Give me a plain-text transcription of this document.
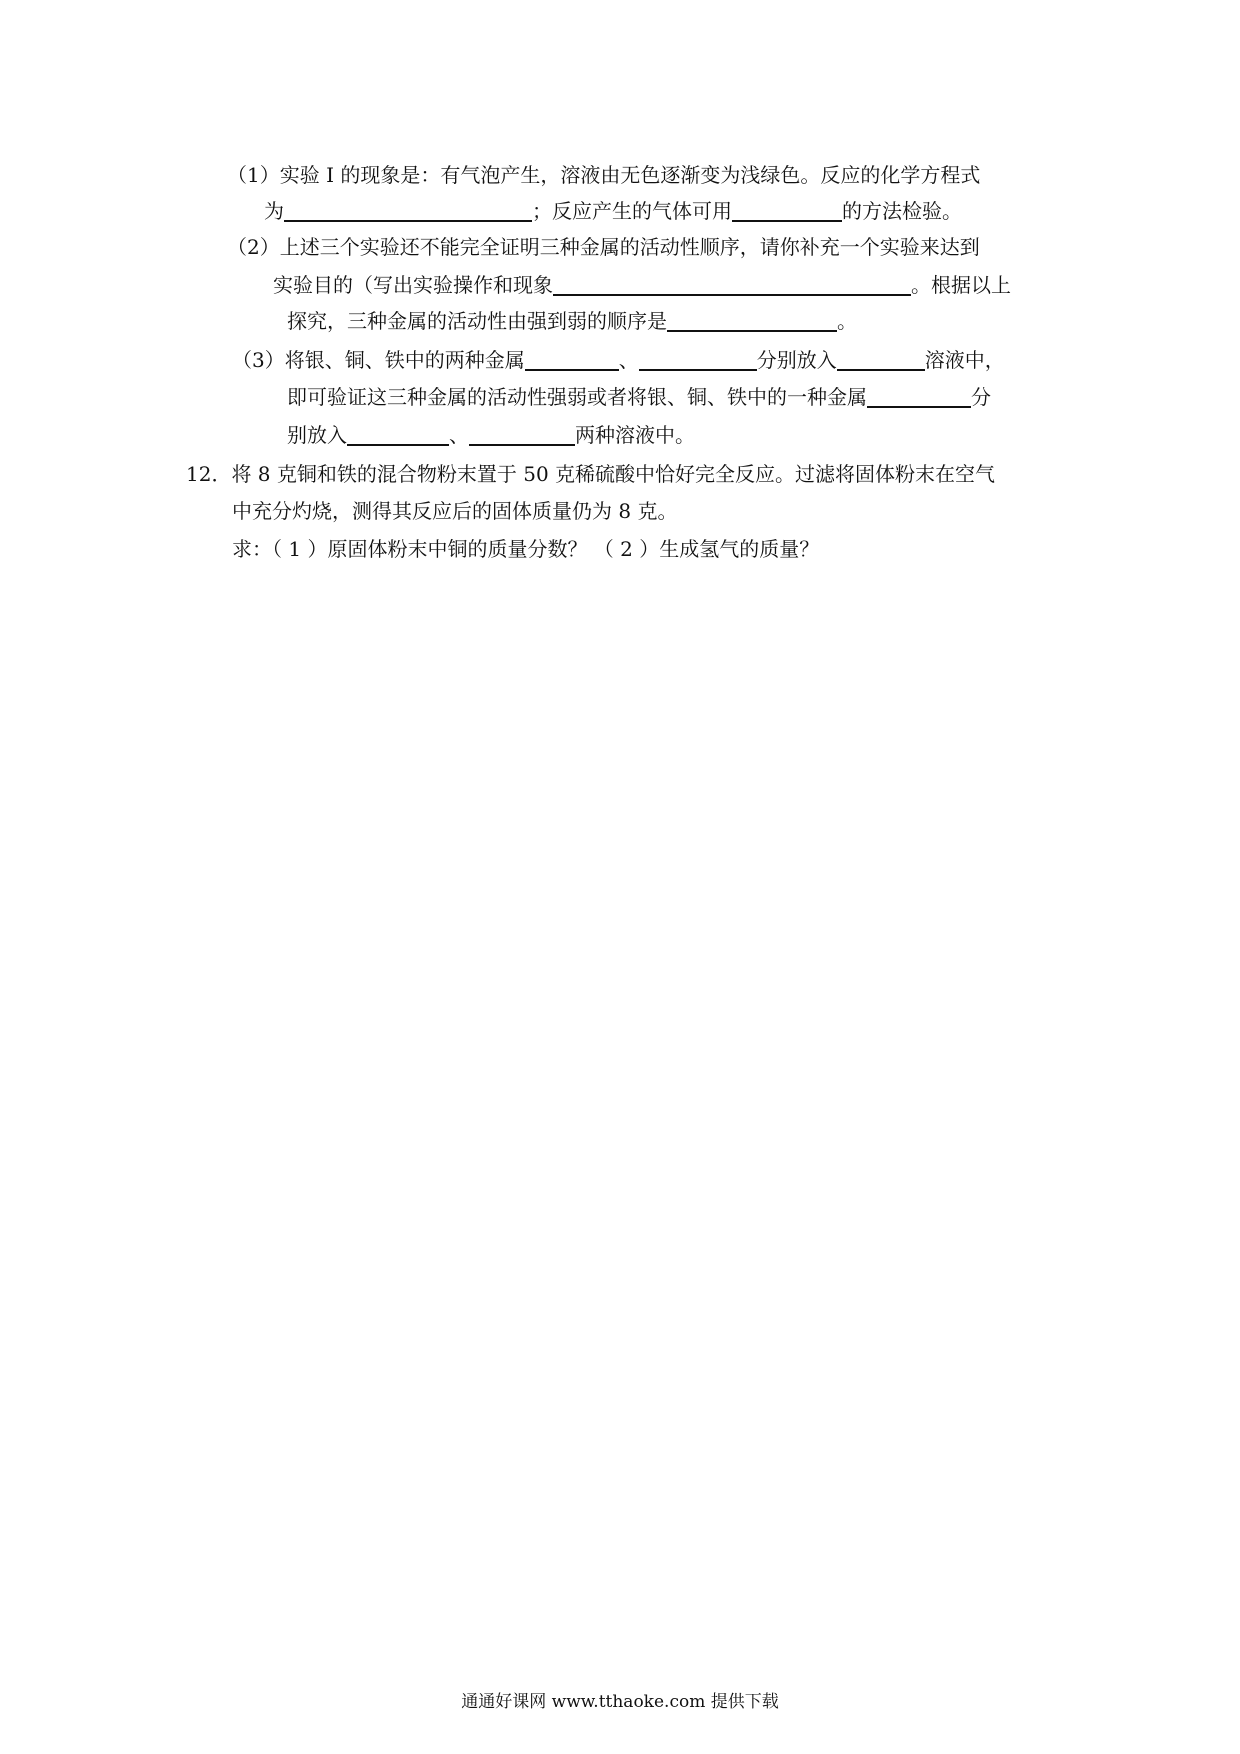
（1）实验 I 的现象是：有气泡产生，溶液由无色逐渐变为浅绿色。反应的化学方程式
为	；反应产生的气体可用	的方法检验。
（2）上述三个实验还不能完全证明三种金属的活动性顺序，请你补充一个实验来达到
实验目的（写出实验操作和现象	。根据以上
探究，三种金属的活动性由强到弱的顺序是	。
（3）将银、铜、铁中的两种金属	、	分别放入	溶液中，
即可验证这三种金属的活动性强弱或者将银、铜、铁中的一种金属	分
别放入	、	两种溶液中。
12．将 8 克铜和铁的混合物粉末置于 50 克稀硫酸中恰好完全反应。过滤将固体粉末在空气
中充分灼烧，测得其反应后的固体质量仍为 8 克。
求：（ 1 ）原固体粉末中铜的质量分数？ （ 2 ）生成氢气的质量？
通通好课网 www.tthaoke.com 提供下载
